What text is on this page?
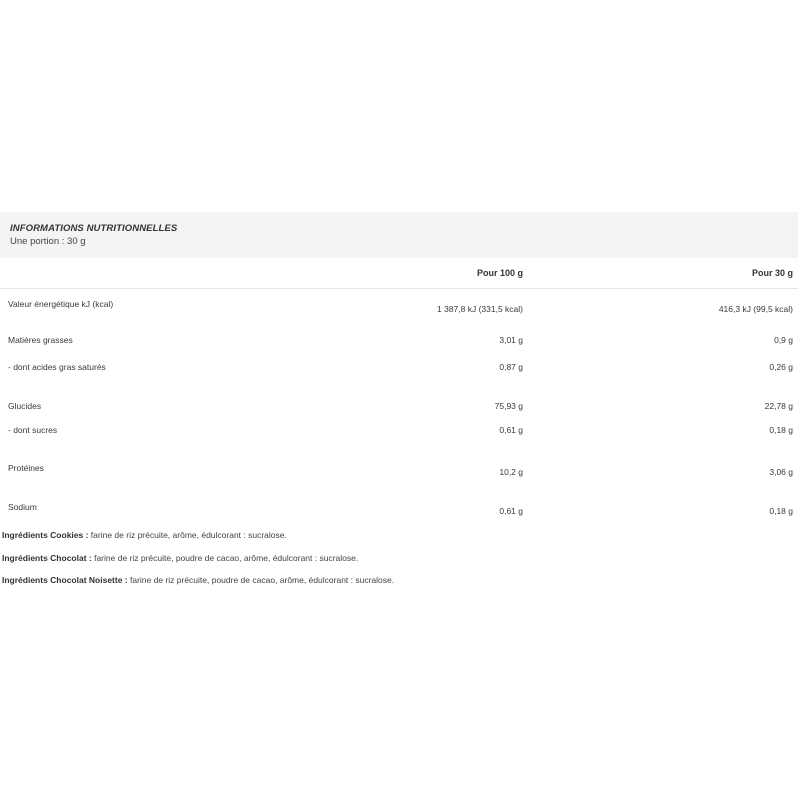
INFORMATIONS NUTRITIONNELLES
Une portion : 30 g
	Pour 100 g	Pour 30 g
Valeur énergétique kJ (kcal)	1 387,8 kJ (331,5 kcal)	416,3 kJ (99,5 kcal)
Matières grasses	3,01 g	0,9 g
- dont acides gras saturés	0,87 g	0,26 g
Glucides	75,93 g	22,78 g
- dont sucres	0,61 g	0,18 g
Protéines	10,2 g	3,06 g
Sodium	0,61 g	0,18 g
Ingrédients Cookies : farine de riz précuite, arôme, édulcorant : sucralose.
Ingrédients Chocolat : farine de riz précuite, poudre de cacao, arôme, édulcorant : sucralose.
Ingrédients Chocolat Noisette : farine de riz précuite, poudre de cacao, arôme, édulcorant : sucralose.
